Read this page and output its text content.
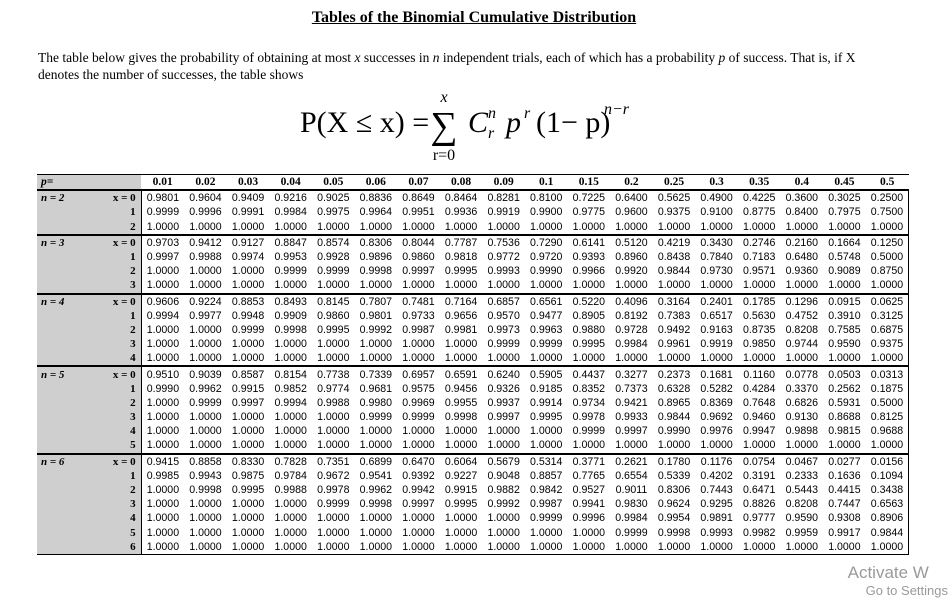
Tables of the Binomial Cumulative Distribution
The table below gives the probability of obtaining at most x successes in n independent trials, each of which has a probability p of success. That is, if X denotes the number of successes, the table shows
P(X ≤ x) =
x
∑
r=0
C n
r p r (1− p)
n−r
p=		0.01	0.02	0.03	0.04	0.05	0.06	0.07	0.08	0.09	0.1	0.15	0.2	0.25	0.3	0.35	0.4	0.45	0.5
n = 2	x = 0	0.9801	0.9604	0.9409	0.9216	0.9025	0.8836	0.8649	0.8464	0.8281	0.8100	0.7225	0.6400	0.5625	0.4900	0.4225	0.3600	0.3025	0.2500
	1	0.9999	0.9996	0.9991	0.9984	0.9975	0.9964	0.9951	0.9936	0.9919	0.9900	0.9775	0.9600	0.9375	0.9100	0.8775	0.8400	0.7975	0.7500
	2	1.0000	1.0000	1.0000	1.0000	1.0000	1.0000	1.0000	1.0000	1.0000	1.0000	1.0000	1.0000	1.0000	1.0000	1.0000	1.0000	1.0000	1.0000
n = 3	x = 0	0.9703	0.9412	0.9127	0.8847	0.8574	0.8306	0.8044	0.7787	0.7536	0.7290	0.6141	0.5120	0.4219	0.3430	0.2746	0.2160	0.1664	0.1250
	1	0.9997	0.9988	0.9974	0.9953	0.9928	0.9896	0.9860	0.9818	0.9772	0.9720	0.9393	0.8960	0.8438	0.7840	0.7183	0.6480	0.5748	0.5000
	2	1.0000	1.0000	1.0000	0.9999	0.9999	0.9998	0.9997	0.9995	0.9993	0.9990	0.9966	0.9920	0.9844	0.9730	0.9571	0.9360	0.9089	0.8750
	3	1.0000	1.0000	1.0000	1.0000	1.0000	1.0000	1.0000	1.0000	1.0000	1.0000	1.0000	1.0000	1.0000	1.0000	1.0000	1.0000	1.0000	1.0000
n = 4	x = 0	0.9606	0.9224	0.8853	0.8493	0.8145	0.7807	0.7481	0.7164	0.6857	0.6561	0.5220	0.4096	0.3164	0.2401	0.1785	0.1296	0.0915	0.0625
	1	0.9994	0.9977	0.9948	0.9909	0.9860	0.9801	0.9733	0.9656	0.9570	0.9477	0.8905	0.8192	0.7383	0.6517	0.5630	0.4752	0.3910	0.3125
	2	1.0000	1.0000	0.9999	0.9998	0.9995	0.9992	0.9987	0.9981	0.9973	0.9963	0.9880	0.9728	0.9492	0.9163	0.8735	0.8208	0.7585	0.6875
	3	1.0000	1.0000	1.0000	1.0000	1.0000	1.0000	1.0000	1.0000	0.9999	0.9999	0.9995	0.9984	0.9961	0.9919	0.9850	0.9744	0.9590	0.9375
	4	1.0000	1.0000	1.0000	1.0000	1.0000	1.0000	1.0000	1.0000	1.0000	1.0000	1.0000	1.0000	1.0000	1.0000	1.0000	1.0000	1.0000	1.0000
n = 5	x = 0	0.9510	0.9039	0.8587	0.8154	0.7738	0.7339	0.6957	0.6591	0.6240	0.5905	0.4437	0.3277	0.2373	0.1681	0.1160	0.0778	0.0503	0.0313
	1	0.9990	0.9962	0.9915	0.9852	0.9774	0.9681	0.9575	0.9456	0.9326	0.9185	0.8352	0.7373	0.6328	0.5282	0.4284	0.3370	0.2562	0.1875
	2	1.0000	0.9999	0.9997	0.9994	0.9988	0.9980	0.9969	0.9955	0.9937	0.9914	0.9734	0.9421	0.8965	0.8369	0.7648	0.6826	0.5931	0.5000
	3	1.0000	1.0000	1.0000	1.0000	1.0000	0.9999	0.9999	0.9998	0.9997	0.9995	0.9978	0.9933	0.9844	0.9692	0.9460	0.9130	0.8688	0.8125
	4	1.0000	1.0000	1.0000	1.0000	1.0000	1.0000	1.0000	1.0000	1.0000	1.0000	0.9999	0.9997	0.9990	0.9976	0.9947	0.9898	0.9815	0.9688
	5	1.0000	1.0000	1.0000	1.0000	1.0000	1.0000	1.0000	1.0000	1.0000	1.0000	1.0000	1.0000	1.0000	1.0000	1.0000	1.0000	1.0000	1.0000
n = 6	x = 0	0.9415	0.8858	0.8330	0.7828	0.7351	0.6899	0.6470	0.6064	0.5679	0.5314	0.3771	0.2621	0.1780	0.1176	0.0754	0.0467	0.0277	0.0156
	1	0.9985	0.9943	0.9875	0.9784	0.9672	0.9541	0.9392	0.9227	0.9048	0.8857	0.7765	0.6554	0.5339	0.4202	0.3191	0.2333	0.1636	0.1094
	2	1.0000	0.9998	0.9995	0.9988	0.9978	0.9962	0.9942	0.9915	0.9882	0.9842	0.9527	0.9011	0.8306	0.7443	0.6471	0.5443	0.4415	0.3438
	3	1.0000	1.0000	1.0000	1.0000	0.9999	0.9998	0.9997	0.9995	0.9992	0.9987	0.9941	0.9830	0.9624	0.9295	0.8826	0.8208	0.7447	0.6563
	4	1.0000	1.0000	1.0000	1.0000	1.0000	1.0000	1.0000	1.0000	1.0000	0.9999	0.9996	0.9984	0.9954	0.9891	0.9777	0.9590	0.9308	0.8906
	5	1.0000	1.0000	1.0000	1.0000	1.0000	1.0000	1.0000	1.0000	1.0000	1.0000	1.0000	0.9999	0.9998	0.9993	0.9982	0.9959	0.9917	0.9844
	6	1.0000	1.0000	1.0000	1.0000	1.0000	1.0000	1.0000	1.0000	1.0000	1.0000	1.0000	1.0000	1.0000	1.0000	1.0000	1.0000	1.0000	1.0000
Activate W
Go to Settings
